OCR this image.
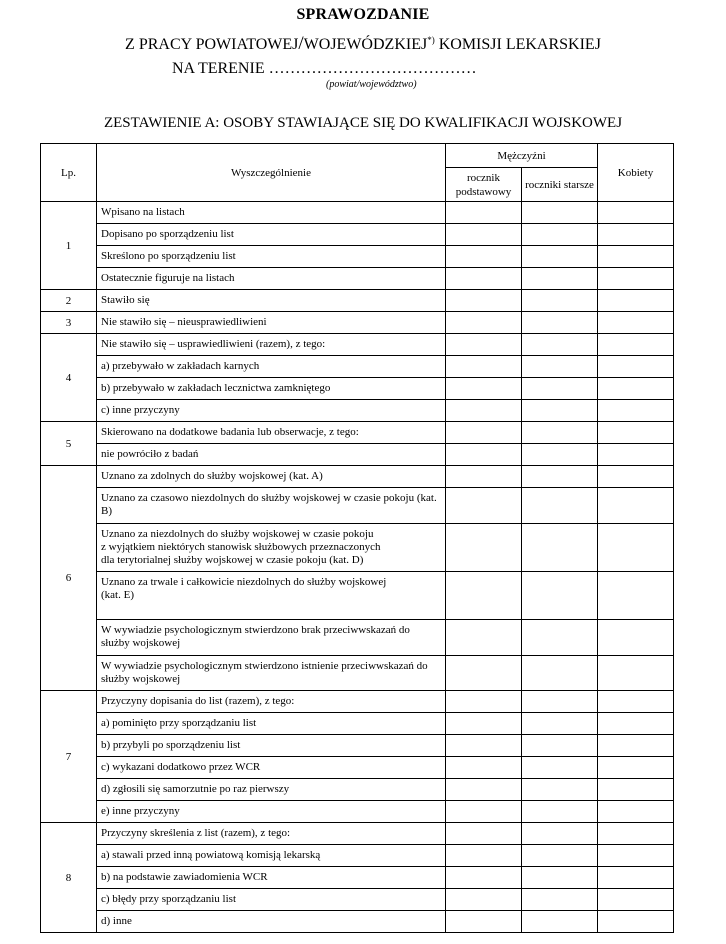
SPRAWOZDANIE
Z PRACY POWIATOWEJ/WOJEWÓDZKIEJ*) KOMISJI LEKARSKIEJ
NA TERENIE …………………………………
(powiat/województwo)
ZESTAWIENIE A: OSOBY STAWIAJĄCE SIĘ DO KWALIFIKACJI WOJSKOWEJ
Lp.	Wyszczególnienie	Mężczyźni		Kobiety
		rocznik podstawowy	roczniki starsze	
1	Wpisano na listach			
	Dopisano po sporządzeniu list			
	Skreślono po sporządzeniu list			
	Ostatecznie figuruje na listach			
2	Stawiło się			
3	Nie stawiło się – nieusprawiedliwieni			
4	Nie stawiło się – usprawiedliwieni (razem), z tego:			
	a) przebywało w zakładach karnych			
	b) przebywało w zakładach lecznictwa zamkniętego			
	c) inne przyczyny			
5	Skierowano na dodatkowe badania lub obserwacje, z tego:			
	nie powróciło z badań			
6	Uznano za zdolnych do służby wojskowej (kat. A)			
	Uznano za czasowo niezdolnych do służby wojskowej w czasie pokoju (kat. B)			
	Uznano za niezdolnych do służby wojskowej w czasie pokoju
z wyjątkiem niektórych stanowisk służbowych przeznaczonych
dla terytorialnej służby wojskowej w czasie pokoju (kat. D)			
	Uznano za trwale i całkowicie niezdolnych do służby wojskowej
(kat. E)			
	W wywiadzie psychologicznym stwierdzono brak przeciwwskazań do służby wojskowej			
	W wywiadzie psychologicznym stwierdzono istnienie przeciwwskazań do służby wojskowej			
7	Przyczyny dopisania do list (razem), z tego:			
	a) pominięto przy sporządzaniu list			
	b) przybyli po sporządzeniu list			
	c) wykazani dodatkowo przez WCR			
	d) zgłosili się samorzutnie po raz pierwszy			
	e) inne przyczyny			
8	Przyczyny skreślenia z list (razem), z tego:			
	a) stawali przed inną powiatową komisją lekarską			
	b) na podstawie zawiadomienia WCR			
	c) błędy przy sporządzaniu list			
	d) inne			
